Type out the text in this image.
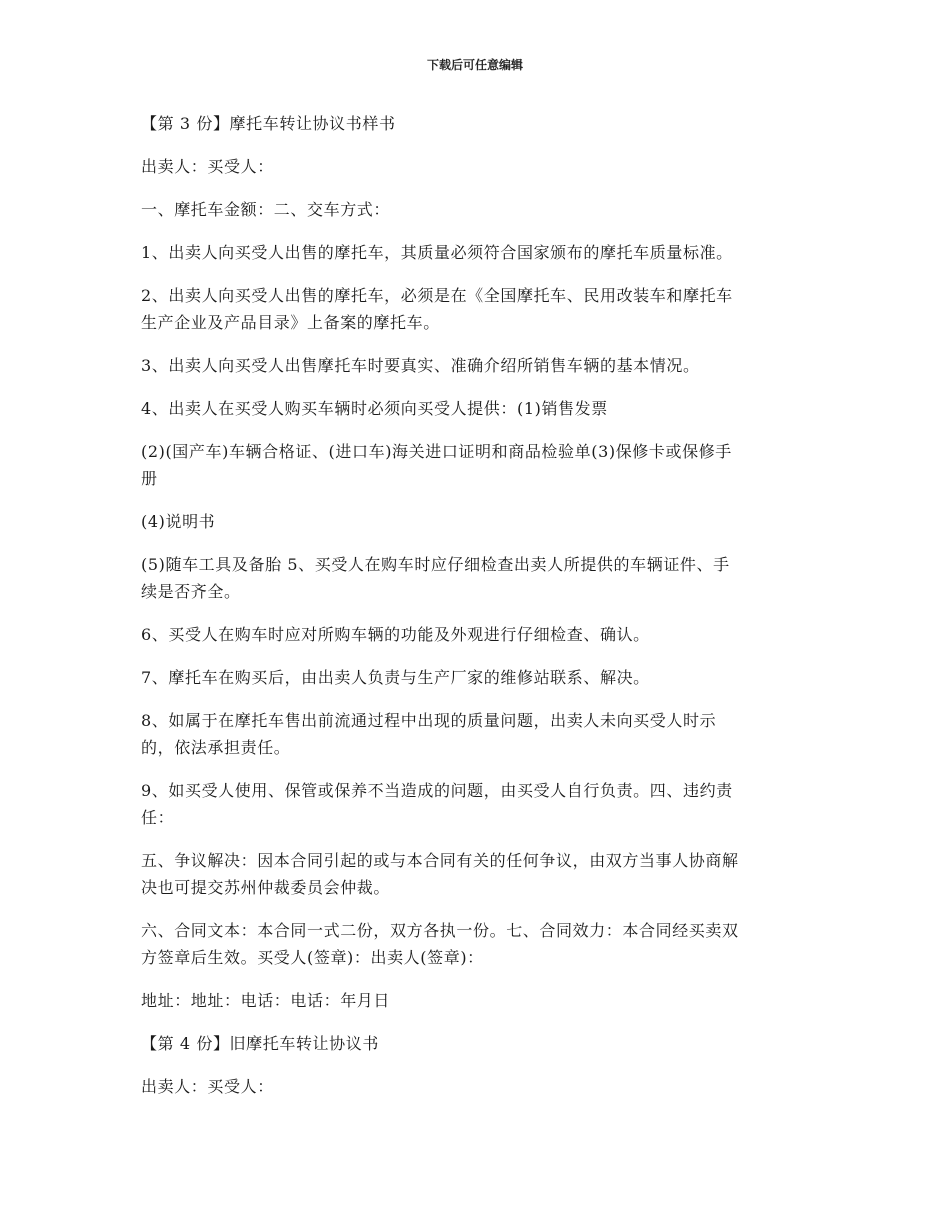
下载后可任意编辑

【第 3 份】摩托车转让协议书样书

出卖人：买受人：

一、摩托车金额：二、交车方式：

1、出卖人向买受人出售的摩托车，其质量必须符合国家颁布的摩托车质量标准。

2、出卖人向买受人出售的摩托车，必须是在《全国摩托车、民用改装车和摩托车
生产企业及产品目录》上备案的摩托车。

3、出卖人向买受人出售摩托车时要真实、准确介绍所销售车辆的基本情况。

4、出卖人在买受人购买车辆时必须向买受人提供：(1)销售发票

(2)(国产车)车辆合格证、(进口车)海关进口证明和商品检验单(3)保修卡或保修手
册

(4)说明书

(5)随车工具及备胎 5、买受人在购车时应仔细检查出卖人所提供的车辆证件、手
续是否齐全。

6、买受人在购车时应对所购车辆的功能及外观进行仔细检查、确认。

7、摩托车在购买后，由出卖人负责与生产厂家的维修站联系、解决。

8、如属于在摩托车售出前流通过程中出现的质量问题，出卖人未向买受人时示
的，依法承担责任。

9、如买受人使用、保管或保养不当造成的问题，由买受人自行负责。四、违约责
任：

五、争议解决：因本合同引起的或与本合同有关的任何争议，由双方当事人协商解
决也可提交苏州仲裁委员会仲裁。

六、合同文本：本合同一式二份，双方各执一份。七、合同效力：本合同经买卖双
方签章后生效。买受人(签章)：出卖人(签章)：

地址：地址：电话：电话：年月日

【第 4 份】旧摩托车转让协议书

出卖人：买受人：
